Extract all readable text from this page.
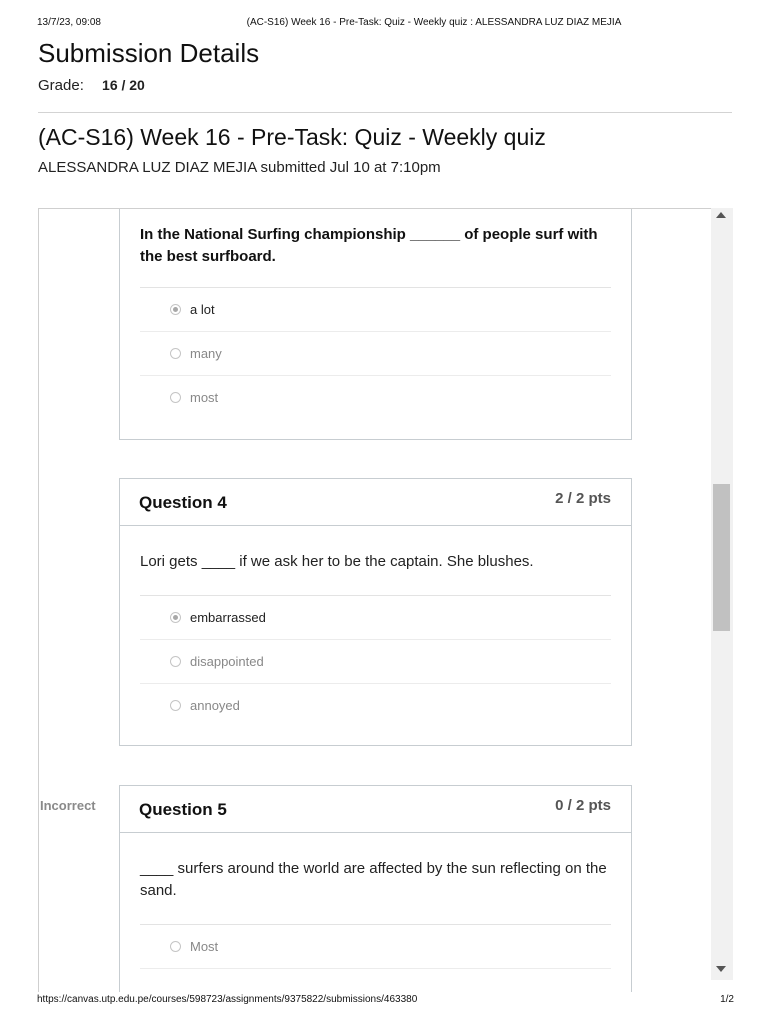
13/7/23, 09:08	(AC-S16) Week 16 - Pre-Task: Quiz - Weekly quiz : ALESSANDRA LUZ DIAZ MEJIA
Submission Details
Grade: 16 / 20
(AC-S16) Week 16 - Pre-Task: Quiz - Weekly quiz
ALESSANDRA LUZ DIAZ MEJIA submitted Jul 10 at 7:10pm
In the National Surfing championship ______ of people surf with the best surfboard.
a lot
many
most
Question 4	2 / 2 pts
Lori gets ____ if we ask her to be the captain. She blushes.
embarrassed
disappointed
annoyed
Incorrect	Question 5	0 / 2 pts
____ surfers around the world are affected by the sun reflecting on the sand.
Most
https://canvas.utp.edu.pe/courses/598723/assignments/9375822/submissions/463380	1/2
